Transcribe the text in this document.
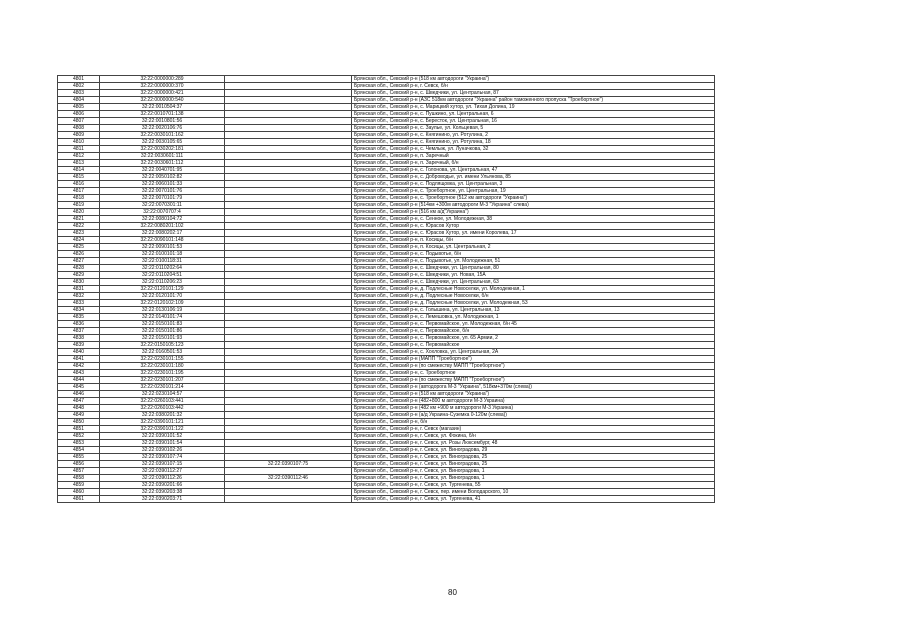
4801	32:22:0000000:289		Брянская обл., Севский р-н (518 км автодороги "Украина")
4802	32:22:0000000:370		Брянская обл., Севский р-н, г. Севск, б/н
4803	32:22:0000000:421		Брянская обл., Севский р-н, с. Шведчики, ул. Центральная, 87
4804	32:22:0000000:540		Брянская обл., Севский р-н (АЗС 518км автодороги "Украина" район таможенного пропуска "Троебортное")
4805	32:22:0010504:37		Брянская обл., Севский р-н, с. Марицкий хутор, ул. Тихая Долина, 19
4806	32:22:0010701:138		Брянская обл., Севский р-н, с. Пушкино, ул. Центральная, 6
4807	32:22:0010801:56		Брянская обл., Севский р-н, с. Бересток, ул. Центральная, 16
4808	32:22:0020106:76		Брянская обл., Севский р-н, с. Заулье, ул. Кольцевая, 5
4809	32:22:0030101:162		Брянская обл., Севский р-н, с. Княгинино, ул. Ротулина, 2
4810	32:22:0030105:65		Брянская обл., Севский р-н, с. Княгинино, ул. Ротулина, 18
4811	32:22:0030202:181		Брянская обл., Севский р-н, с. Чемлыж, ул. Луначкова, 32
4812	32:22:0030601:111		Брянская обл., Севский р-н, п. Заречный
4813	32:22:0030601:112		Брянская обл., Севский р-н, п. Заречный, б/н
4814	32:22:0040701:95		Брянская обл., Севский р-н, с. Голонова, ул. Центральная, 47
4815	32:22:0050102:82		Брянская обл., Севский р-н, с. Доброводье, ул. имени Ульянова, 85
4816	32:22:0060101:33		Брянская обл., Севский р-н, с. Подлящовка, ул. Центральная, 3
4817	32:22:0070101:76		Брянская обл., Севский р-н, с. Троебортное, ул. Центральная, 19
4818	32:22:0070101:79		Брянская обл., Севский р-н, с. Троебортное (512 км автодороги "Украина")
4819	32:22:0070301:11		Брянская обл., Севский р-н (514км +300м автодороги М-3 "Украина" слева)
4820	32:22:0070707:4		Брянская обл., Севский р-н (516 км а/д"Украина")
4821	32:22:0080104:72		Брянская обл., Севский р-н, с. Сенное, ул. Молодежная, 38
4822	32:22:0080201:102		Брянская обл., Севский р-н, с. Юрасов Хутор
4823	32:22:0080202:17		Брянская обл., Севский р-н, с. Юрасов Хутор, ул. имени Королева, 17
4824	32:22:0090101:148		Брянская обл., Севский р-н, п. Косицы, б/н
4825	32:22:0090101:53		Брянская обл., Севский р-н, п. Косицы, ул. Центральная, 2
4826	32:22:0100101:18		Брянская обл., Севский р-н, с. Подывотье, б/н
4827	32:22:0100118:31		Брянская обл., Севский р-н, с. Подывотье, ул. Молодежная, 51
4828	32:22:0110202:64		Брянская обл., Севский р-н, с. Шведчики, ул. Центральная, 80
4829	32:22:0110204:51		Брянская обл., Севский р-н, с. Шведчики, ул. Новая, 15А
4830	32:22:0110206:23		Брянская обл., Севский р-н, с. Шведчики, ул. Центральная, 63
4831	32:22:0120101:129		Брянская обл., Севский р-н, д. Подлесные Новоселки, ул. Молодежная, 1
4832	32:22:0120101:70		Брянская обл., Севский р-н, д. Подлесные Новоселки, б/н
4833	32:22:0120102:109		Брянская обл., Севский р-н, д. Подлесные Новоселки, ул. Молодежная, 53
4834	32:22:0130106:19		Брянская обл., Севский р-н, с. Голышина, ул. Центральная, 13
4835	32:22:0140101:74		Брянская обл., Севский р-н, с. Лемешовка, ул. Молодежная, 1
4836	32:22:0150101:83		Брянская обл., Севский р-н, с. Первомайское, ул. Молодежная, б/н 45
4837	32:22:0150101:86		Брянская обл., Севский р-н, с. Первомайское, б/н
4838	32:22:0150101:93		Брянская обл., Севский р-н, с. Первомайское, ул. 65 Армии, 2
4839	32:22:0150105:123		Брянская обл., Севский р-н, с. Первомайское
4840	32:22:0160501:53		Брянская обл., Севский р-н, с. Хохловка, ул. Центральная, 2А
4841	32:22:0230101:155		Брянская обл., Севский р-н (МАПП "Троебортное")
4842	32:22:0230101:180		Брянская обл., Севский р-н (по смежеству МАПП "Троебортное")
4843	32:22:0230101:195		Брянская обл., Севский р-н, с. Троебортное
4844	32:22:0230101:207		Брянская обл., Севский р-н (по смежеству МАПП "Троебортное")
4845	32:22:0230101:214		Брянская обл., Севский р-н (автодорога М-3 "Украина", 518км+370м (слева))
4846	32:22:0230104:57		Брянская обл., Севский р-н (518 км автодороги "Украина")
4847	32:22:0260103:441		Брянская обл., Севский р-н (482+800 м автодороги М-3 Украина)
4848	32:22:0260103:442		Брянская обл., Севский р-н (482 км +900 м автодороги М-3 Украина)
4849	32:22:0380201:32		Брянская обл., Севский р-н (а/д Украина-Суземка 0-120м (слева))
4850	32:22:0390101:121		Брянская обл., Севский р-н, б/н
4851	32:22:0390101:122		Брянская обл., Севский р-н, г. Севск (магазин)
4852	32:22:0390101:52		Брянская обл., Севский р-н, г. Севск, ул. Фокина, б/н
4853	32:22:0390101:54		Брянская обл., Севский р-н, г. Севск, ул. Розы Люксембург, 48
4854	32:22:0390102:26		Брянская обл., Севский р-н, г. Севск, ул. Виноградова, 29
4855	32:22:0390107:74		Брянская обл., Севский р-н, г. Севск, ул. Виноградова, 25
4856	32:22:0390107:15	32:22:0390107:75	Брянская обл., Севский р-н, г. Севск, ул. Виноградова, 25
4857	32:22:0390112:27		Брянская обл., Севский р-н, г. Севск, ул. Виноградова, 1
4858	32:22:0390112:26	32:22:0390112:46	Брянская обл., Севский р-н, г. Севск, ул. Виноградова, 1
4859	32:22:0390201:66		Брянская обл., Севский р-н, г. Севск, ул. Тургенева, 55
4860	32:22:0390203:38		Брянская обл., Севский р-н, г. Севск, пер. имени Володарского, 10
4861	32:22:0390203:71		Брянская обл., Севский р-н, г. Севск, ул. Тургенева, 41
80
